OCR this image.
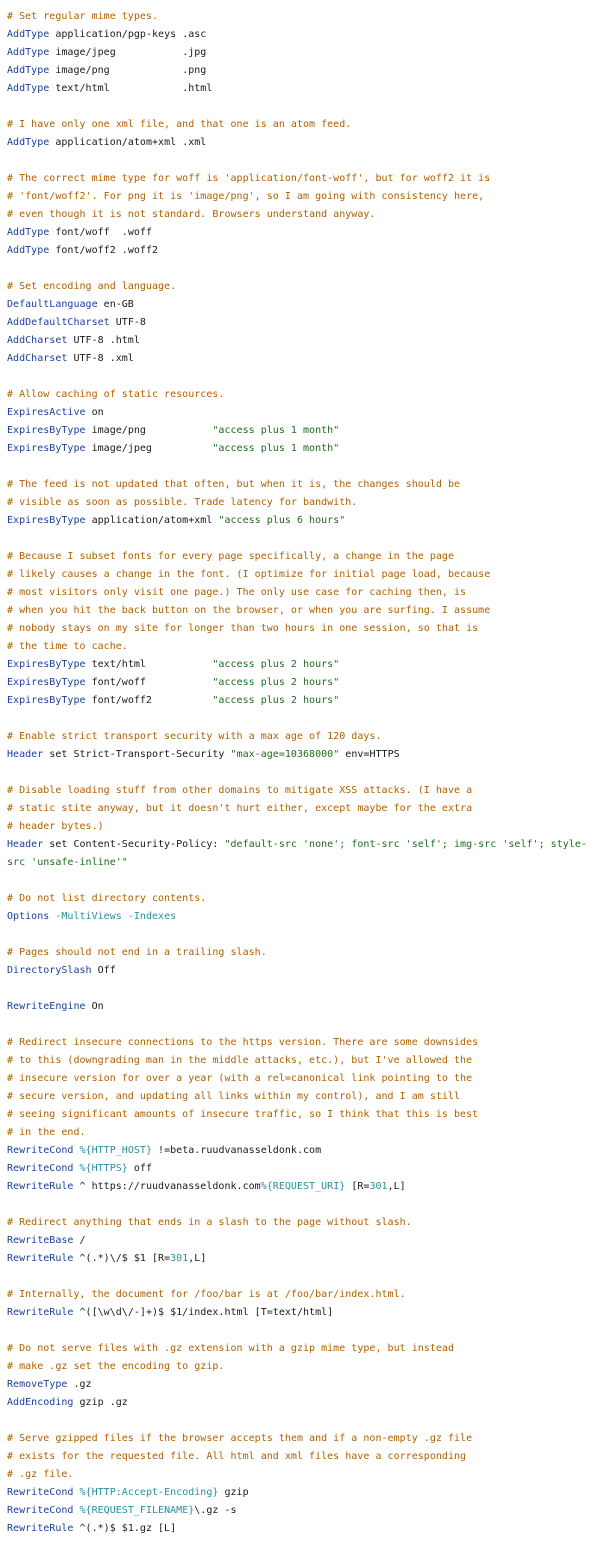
# Set regular mime types.
AddType application/pgp-keys .asc
AddType image/jpeg           .jpg
AddType image/png            .png
AddType text/html            .html

# I have only one xml file, and that one is an atom feed.
AddType application/atom+xml .xml

# The correct mime type for woff is 'application/font-woff', but for woff2 it is
# 'font/woff2'. For png it is 'image/png', so I am going with consistency here,
# even though it is not standard. Browsers understand anyway.
AddType font/woff  .woff
AddType font/woff2 .woff2

# Set encoding and language.
DefaultLanguage en-GB
AddDefaultCharset UTF-8
AddCharset UTF-8 .html
AddCharset UTF-8 .xml

# Allow caching of static resources.
ExpiresActive on
ExpiresByType image/png           "access plus 1 month"
ExpiresByType image/jpeg          "access plus 1 month"

# The feed is not updated that often, but when it is, the changes should be
# visible as soon as possible. Trade latency for bandwith.
ExpiresByType application/atom+xml "access plus 6 hours"

# Because I subset fonts for every page specifically, a change in the page
# likely causes a change in the font. (I optimize for initial page load, because
# most visitors only visit one page.) The only use case for caching then, is
# when you hit the back button on the browser, or when you are surfing. I assume
# nobody stays on my site for longer than two hours in one session, so that is
# the time to cache.
ExpiresByType text/html           "access plus 2 hours"
ExpiresByType font/woff           "access plus 2 hours"
ExpiresByType font/woff2          "access plus 2 hours"

# Enable strict transport security with a max age of 120 days.
Header set Strict-Transport-Security "max-age=10368000" env=HTTPS

# Disable loading stuff from other domains to mitigate XSS attacks. (I have a
# static stite anyway, but it doesn't hurt either, except maybe for the extra
# header bytes.)
Header set Content-Security-Policy: "default-src 'none'; font-src 'self'; img-src 'self'; style-
src 'unsafe-inline'"

# Do not list directory contents.
Options -MultiViews -Indexes

# Pages should not end in a trailing slash.
DirectorySlash Off

RewriteEngine On

# Redirect insecure connections to the https version. There are some downsides
# to this (downgrading man in the middle attacks, etc.), but I've allowed the
# insecure version for over a year (with a rel=canonical link pointing to the
# secure version, and updating all links within my control), and I am still
# seeing significant amounts of insecure traffic, so I think that this is best
# in the end.
RewriteCond %{HTTP_HOST} !=beta.ruudvanasseldonk.com
RewriteCond %{HTTPS} off
RewriteRule ^ https://ruudvanasseldonk.com%{REQUEST_URI} [R=301,L]

# Redirect anything that ends in a slash to the page without slash.
RewriteBase /
RewriteRule ^(.*)\/$ $1 [R=301,L]

# Internally, the document for /foo/bar is at /foo/bar/index.html.
RewriteRule ^([\w\d\/-]+)$ $1/index.html [T=text/html]

# Do not serve files with .gz extension with a gzip mime type, but instead
# make .gz set the encoding to gzip.
RemoveType .gz
AddEncoding gzip .gz

# Serve gzipped files if the browser accepts them and if a non-empty .gz file
# exists for the requested file. All html and xml files have a corresponding
# .gz file.
RewriteCond %{HTTP:Accept-Encoding} gzip
RewriteCond %{REQUEST_FILENAME}\.gz -s
RewriteRule ^(.*)$ $1.gz [L]
